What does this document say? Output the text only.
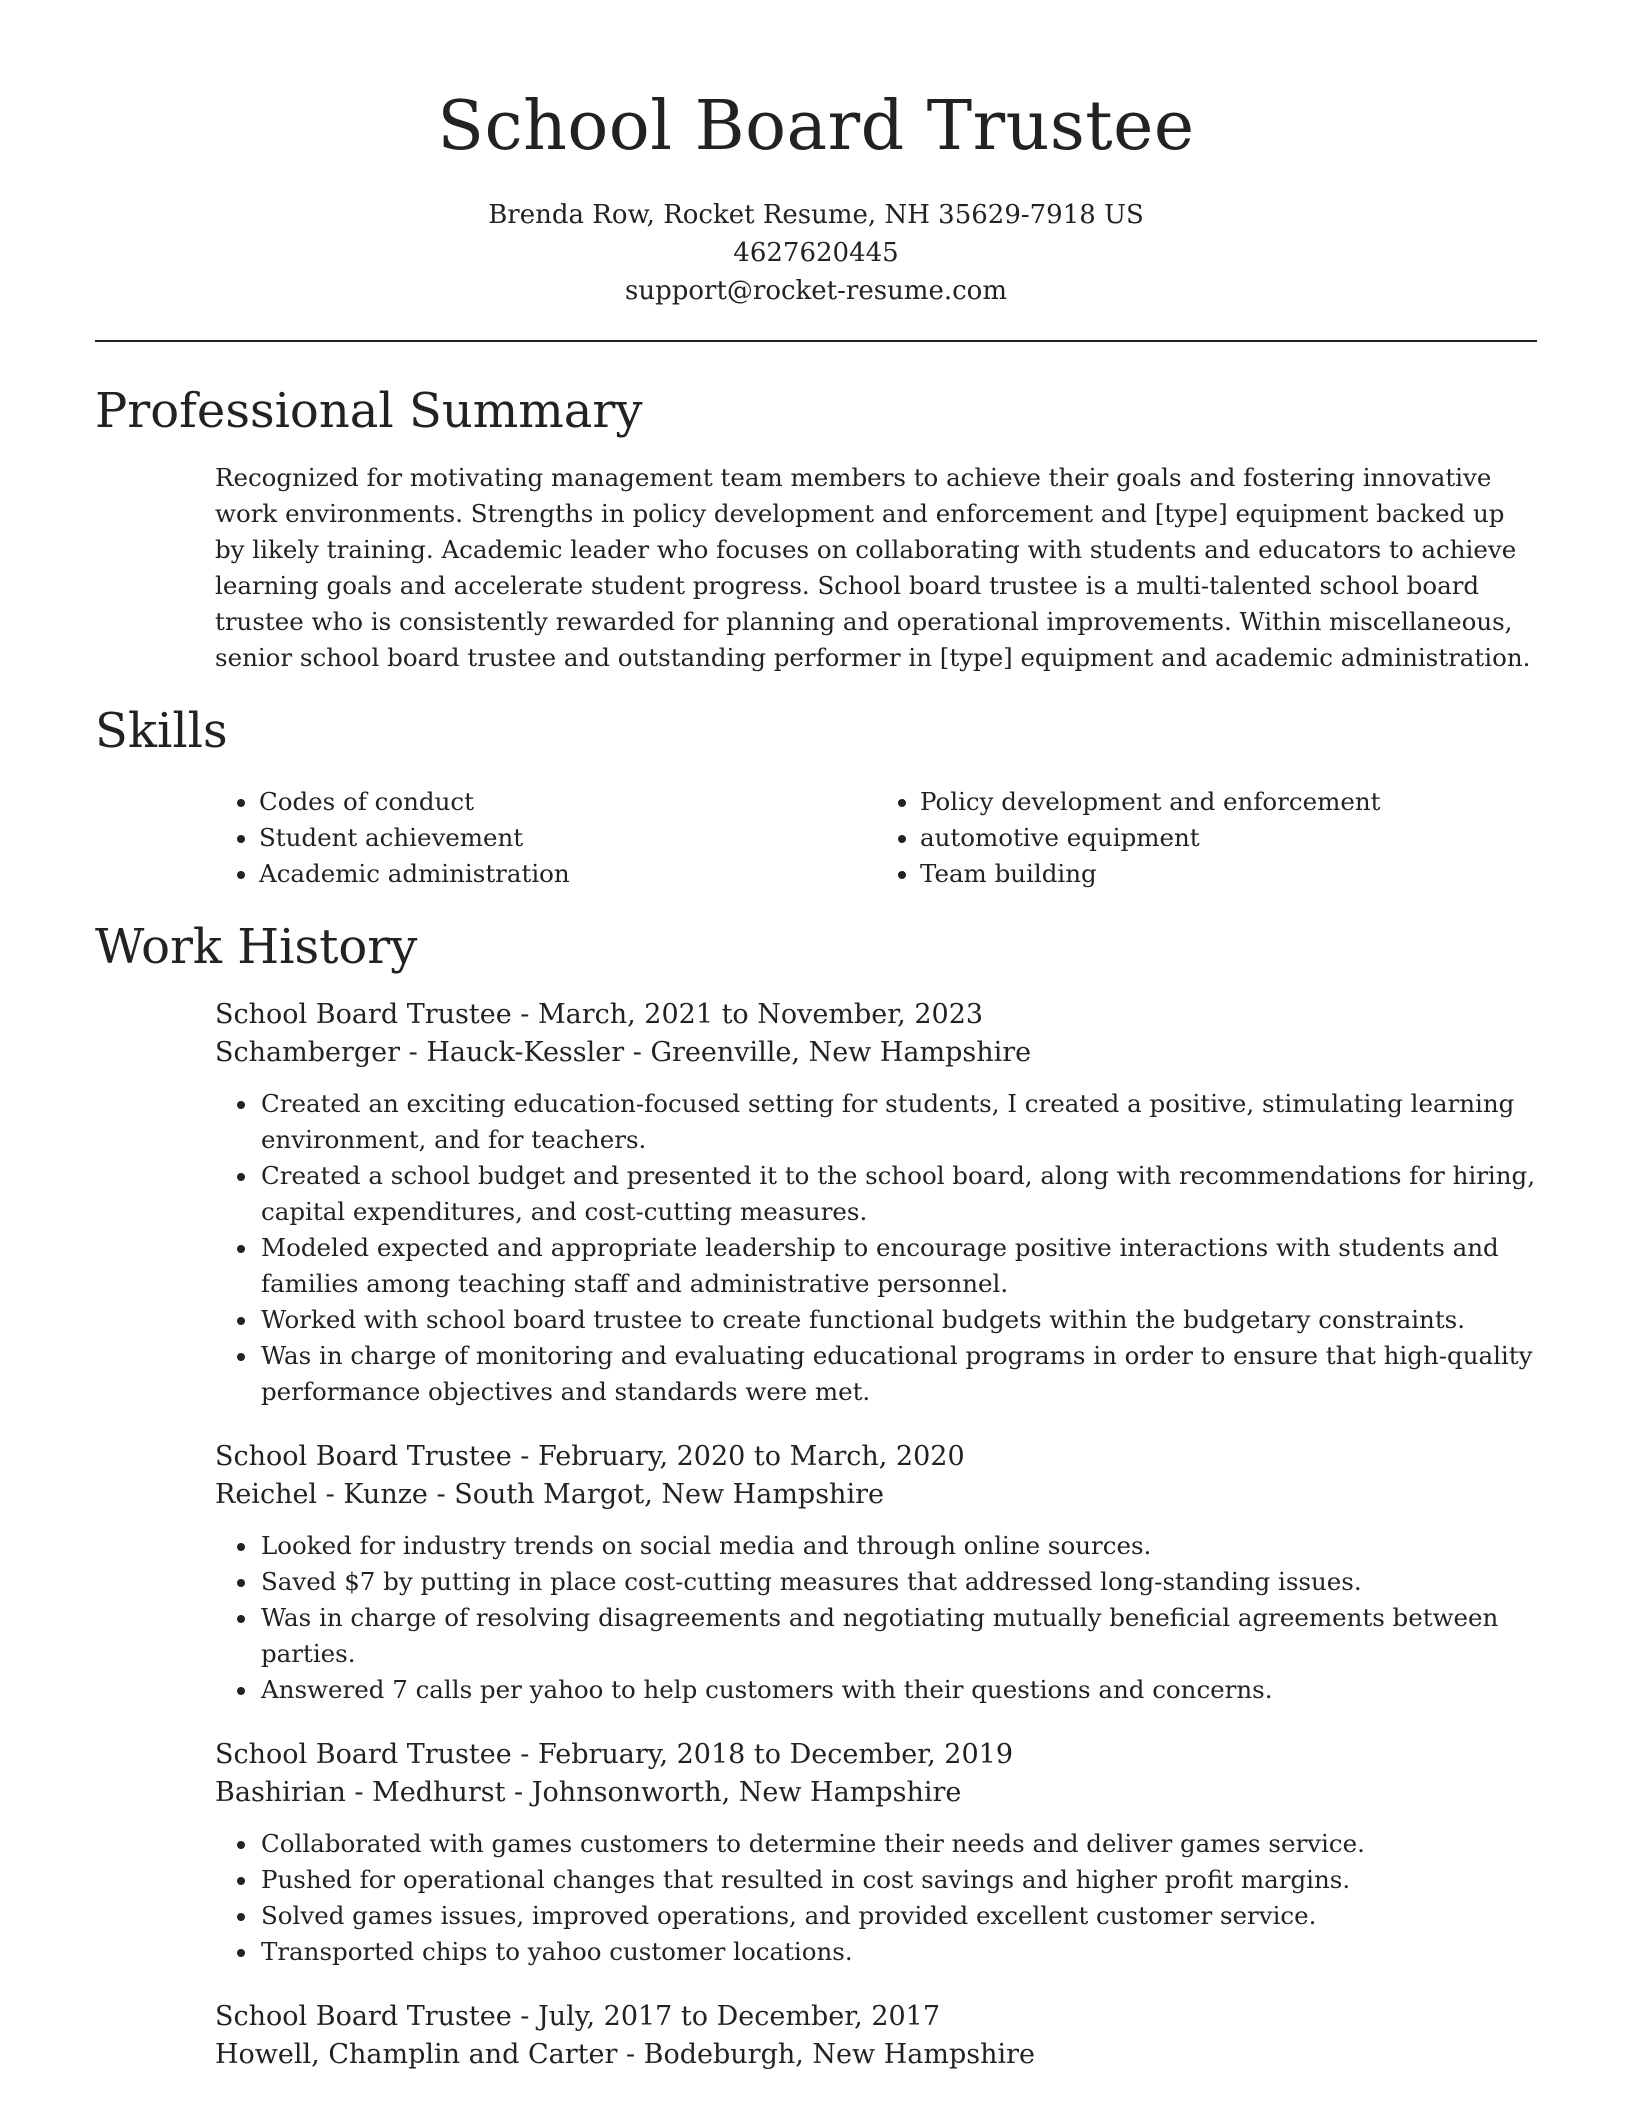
School Board Trustee
Brenda Row, Rocket Resume, NH 35629-7918 US
4627620445
support@rocket-resume.com
Professional Summary
Recognized for motivating management team members to achieve their goals and fostering innovative work environments. Strengths in policy development and enforcement and [type] equipment backed up by likely training. Academic leader who focuses on collaborating with students and educators to achieve learning goals and accelerate student progress. School board trustee is a multi-talented school board trustee who is consistently rewarded for planning and operational improvements. Within miscellaneous, senior school board trustee and outstanding performer in [type] equipment and academic administration.
Skills
• Codes of conduct
• Student achievement
• Academic administration
• Policy development and enforcement
• automotive equipment
• Team building
Work History
School Board Trustee - March, 2021 to November, 2023
Schamberger - Hauck-Kessler - Greenville, New Hampshire
• Created an exciting education-focused setting for students, I created a positive, stimulating learning environment, and for teachers.
• Created a school budget and presented it to the school board, along with recommendations for hiring, capital expenditures, and cost-cutting measures.
• Modeled expected and appropriate leadership to encourage positive interactions with students and families among teaching staff and administrative personnel.
• Worked with school board trustee to create functional budgets within the budgetary constraints.
• Was in charge of monitoring and evaluating educational programs in order to ensure that high-quality performance objectives and standards were met.
School Board Trustee - February, 2020 to March, 2020
Reichel - Kunze - South Margot, New Hampshire
• Looked for industry trends on social media and through online sources.
• Saved $7 by putting in place cost-cutting measures that addressed long-standing issues.
• Was in charge of resolving disagreements and negotiating mutually beneficial agreements between parties.
• Answered 7 calls per yahoo to help customers with their questions and concerns.
School Board Trustee - February, 2018 to December, 2019
Bashirian - Medhurst - Johnsonworth, New Hampshire
• Collaborated with games customers to determine their needs and deliver games service.
• Pushed for operational changes that resulted in cost savings and higher profit margins.
• Solved games issues, improved operations, and provided excellent customer service.
• Transported chips to yahoo customer locations.
School Board Trustee - July, 2017 to December, 2017
Howell, Champlin and Carter - Bodeburgh, New Hampshire
